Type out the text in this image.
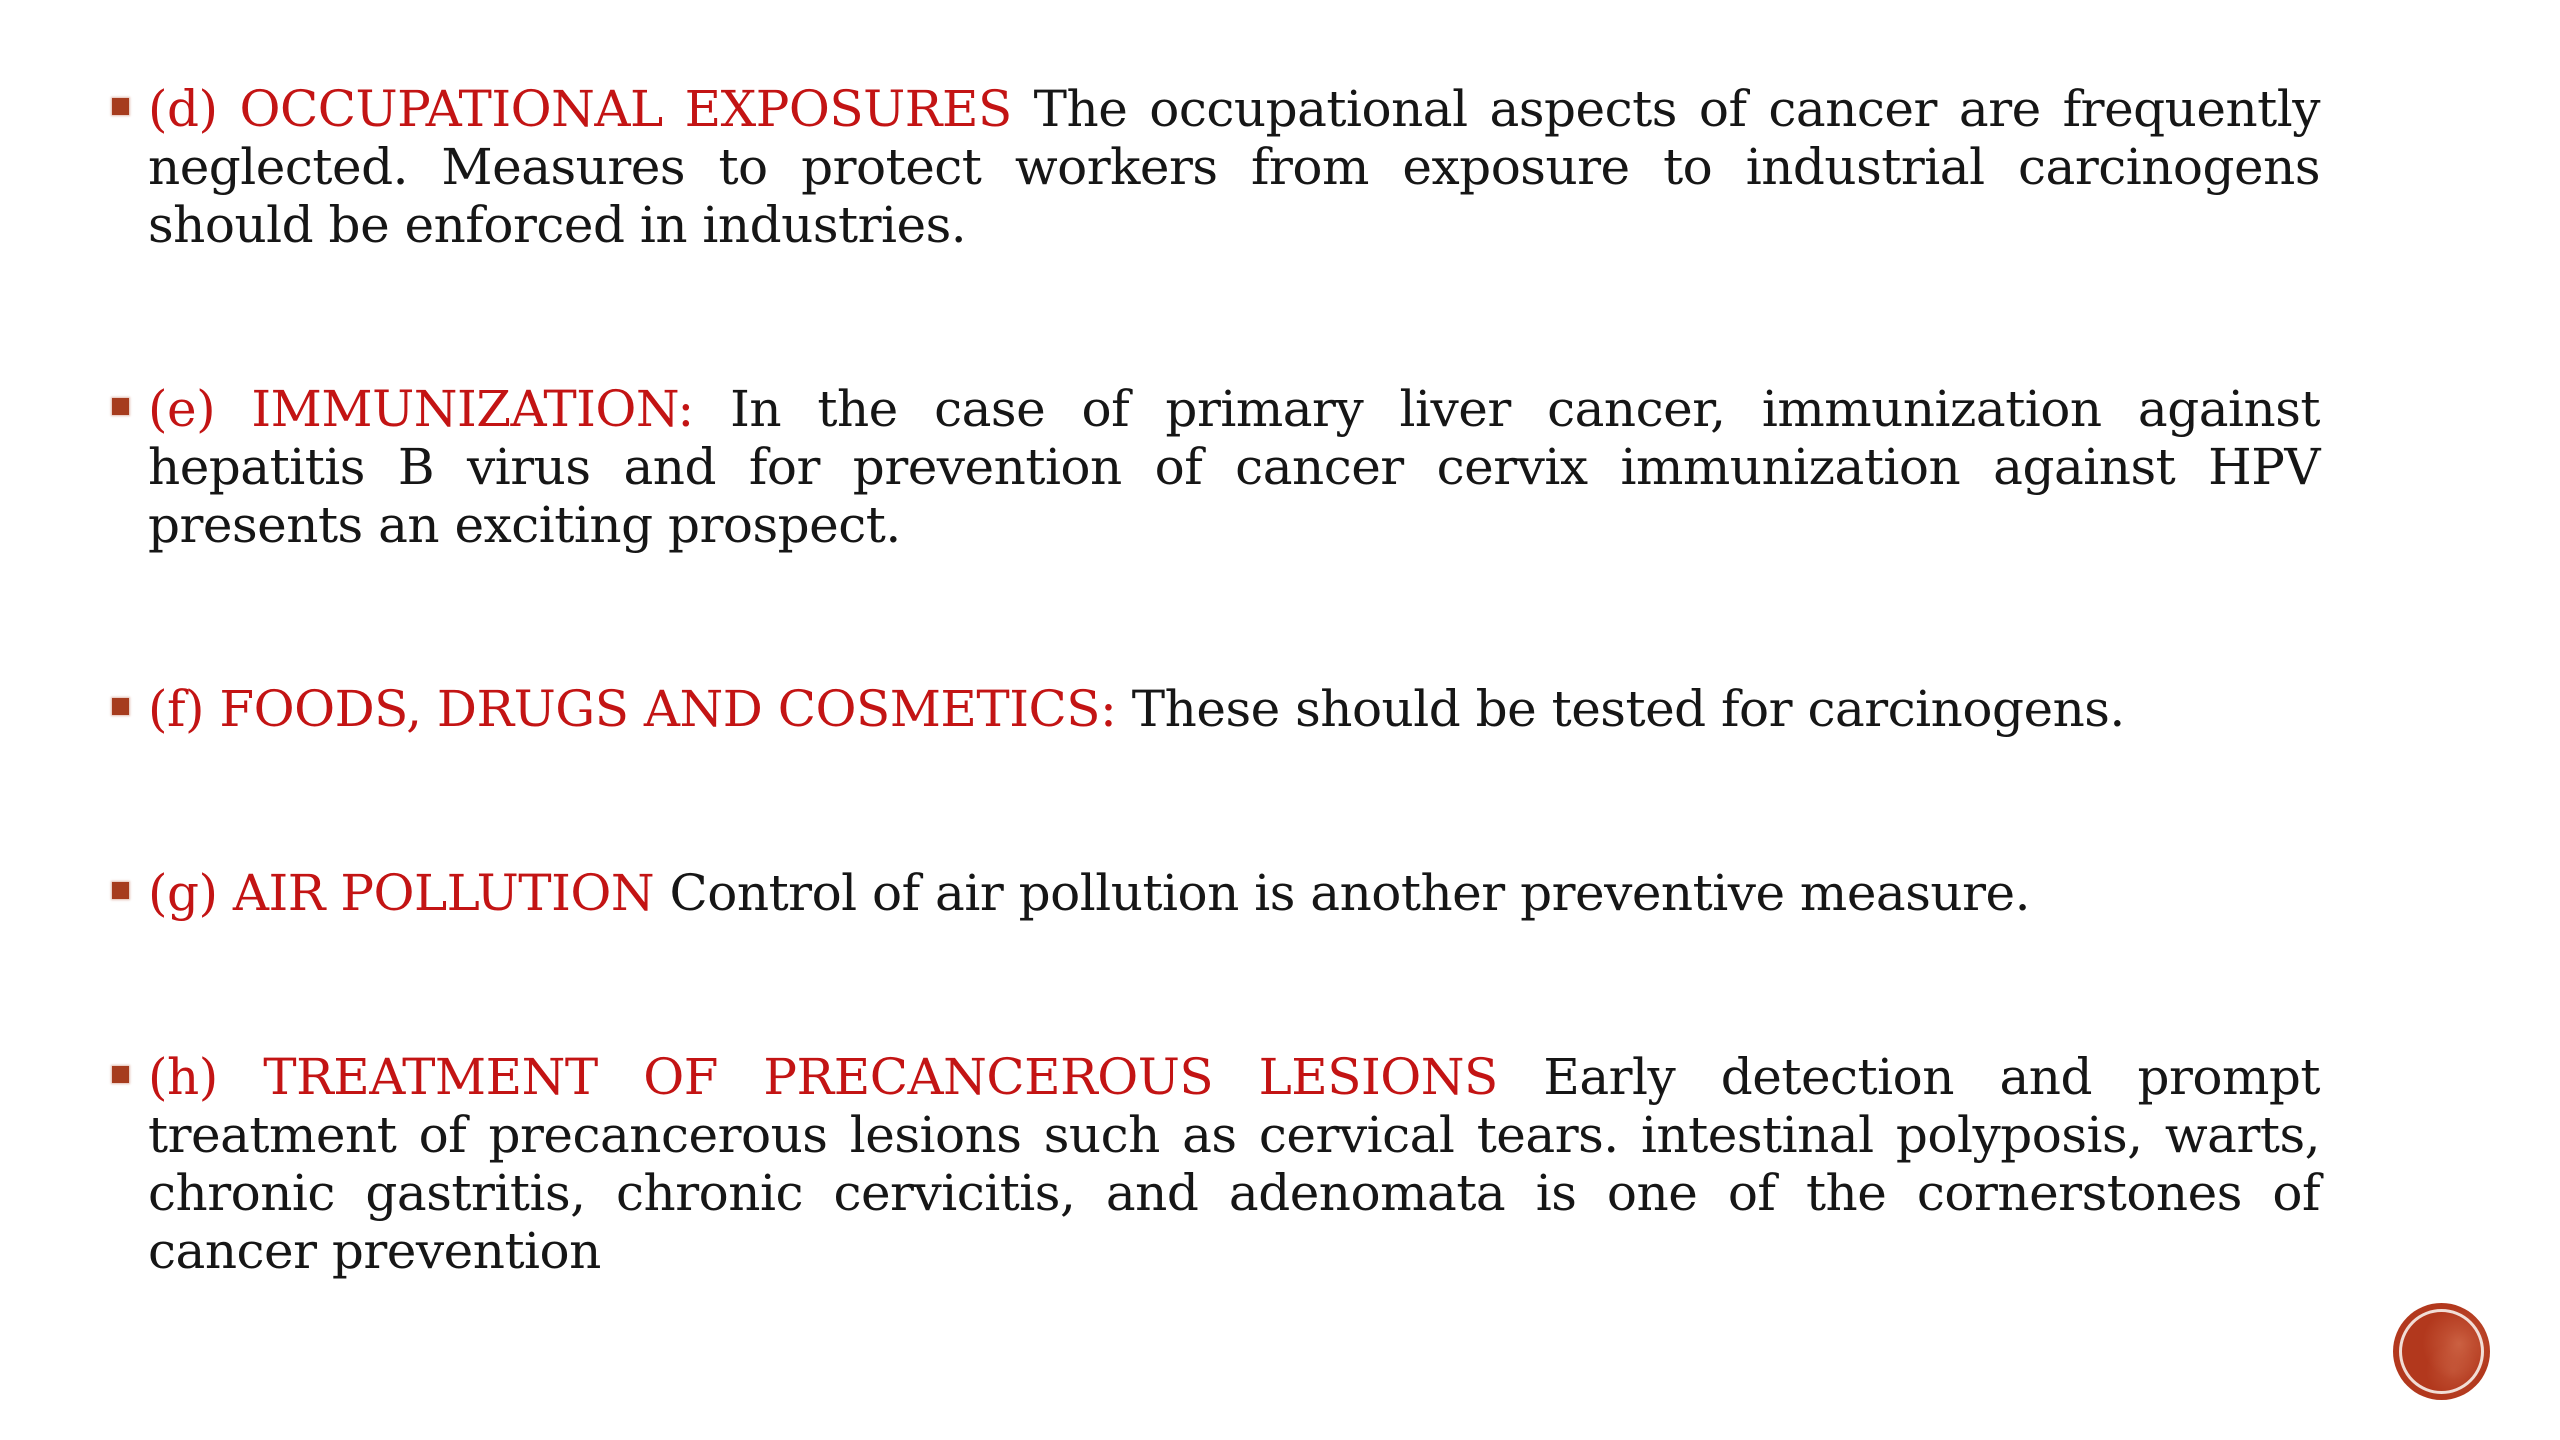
(d) OCCUPATIONAL EXPOSURES The occupational aspects of cancer are frequently neglected. Measures to protect workers from exposure to industrial carcinogens should be enforced in industries.
(e) IMMUNIZATION: In the case of primary liver cancer, immunization against hepatitis B virus and for prevention of cancer cervix immunization against HPV presents an exciting prospect.
(f) FOODS, DRUGS AND COSMETICS: These should be tested for carcinogens.
(g) AIR POLLUTION Control of air pollution is another preventive measure.
(h) TREATMENT OF PRECANCEROUS LESIONS Early detection and prompt treatment of precancerous lesions such as cervical tears. intestinal polyposis, warts, chronic gastritis, chronic cervicitis, and adenomata is one of the cornerstones of cancer prevention
